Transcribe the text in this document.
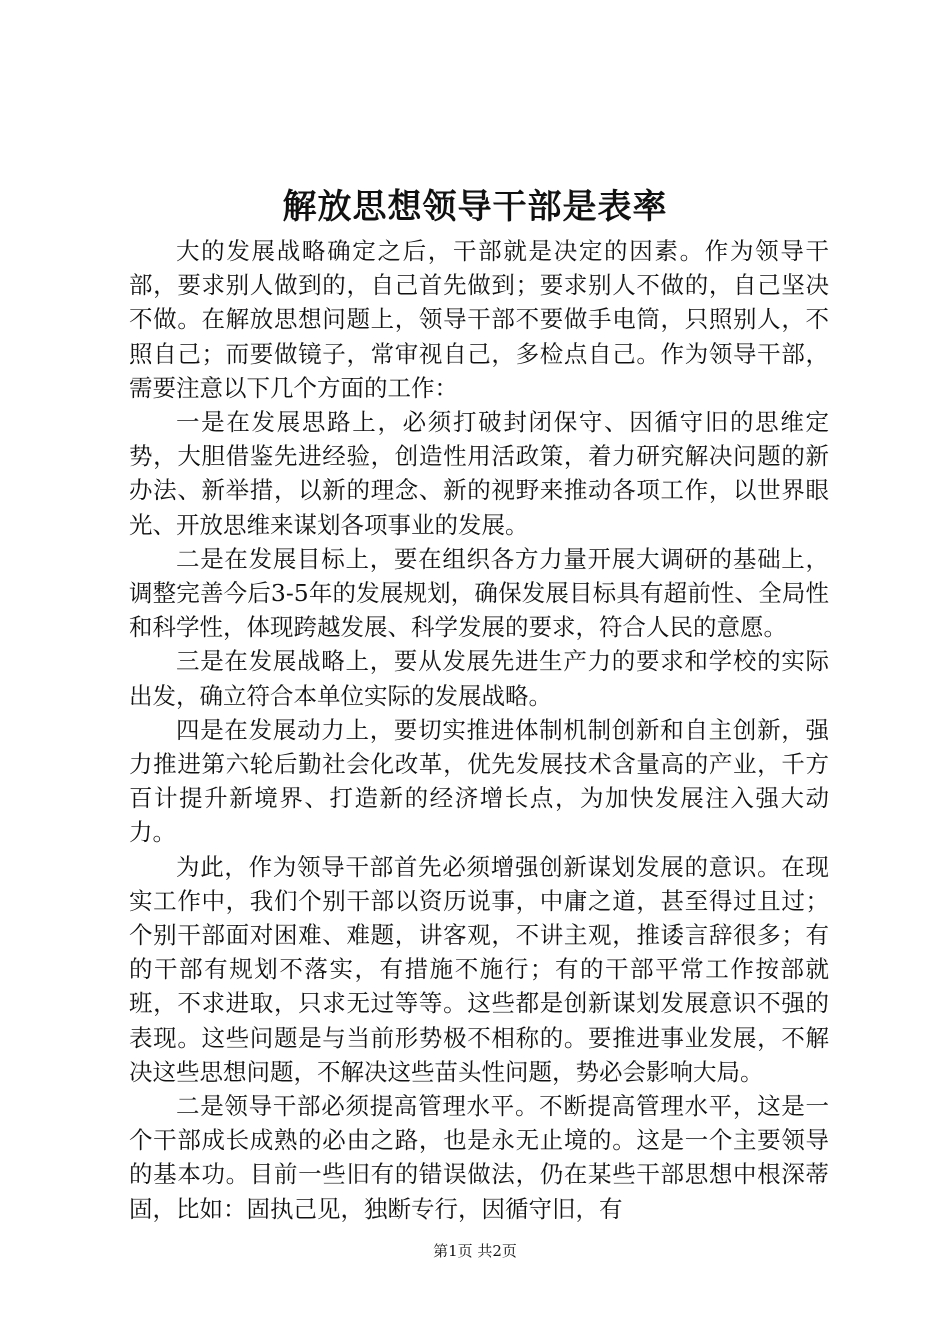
解放思想领导干部是表率

大的发展战略确定之后，干部就是决定的因素。作为领导干部，要求别人做到的，自己首先做到；要求别人不做的，自己坚决不做。在解放思想问题上，领导干部不要做手电筒，只照别人，不照自己；而要做镜子，常审视自己，多检点自己。作为领导干部，需要注意以下几个方面的工作：

一是在发展思路上，必须打破封闭保守、因循守旧的思维定势，大胆借鉴先进经验，创造性用活政策，着力研究解决问题的新办法、新举措，以新的理念、新的视野来推动各项工作，以世界眼光、开放思维来谋划各项事业的发展。

二是在发展目标上，要在组织各方力量开展大调研的基础上，调整完善今后3-5年的发展规划，确保发展目标具有超前性、全局性和科学性，体现跨越发展、科学发展的要求，符合人民的意愿。

三是在发展战略上，要从发展先进生产力的要求和学校的实际出发，确立符合本单位实际的发展战略。

四是在发展动力上，要切实推进体制机制创新和自主创新，强力推进第六轮后勤社会化改革，优先发展技术含量高的产业，千方百计提升新境界、打造新的经济增长点，为加快发展注入强大动力。

为此，作为领导干部首先必须增强创新谋划发展的意识。在现实工作中，我们个别干部以资历说事，中庸之道，甚至得过且过；个别干部面对困难、难题，讲客观，不讲主观，推诿言辞很多；有的干部有规划不落实，有措施不施行；有的干部平常工作按部就班，不求进取，只求无过等等。这些都是创新谋划发展意识不强的表现。这些问题是与当前形势极不相称的。要推进事业发展，不解决这些思想问题，不解决这些苗头性问题，势必会影响大局。

二是领导干部必须提高管理水平。不断提高管理水平，这是一个干部成长成熟的必由之路，也是永无止境的。这是一个主要领导的基本功。目前一些旧有的错误做法，仍在某些干部思想中根深蒂固，比如：固执己见，独断专行，因循守旧，有

第1页 共2页
